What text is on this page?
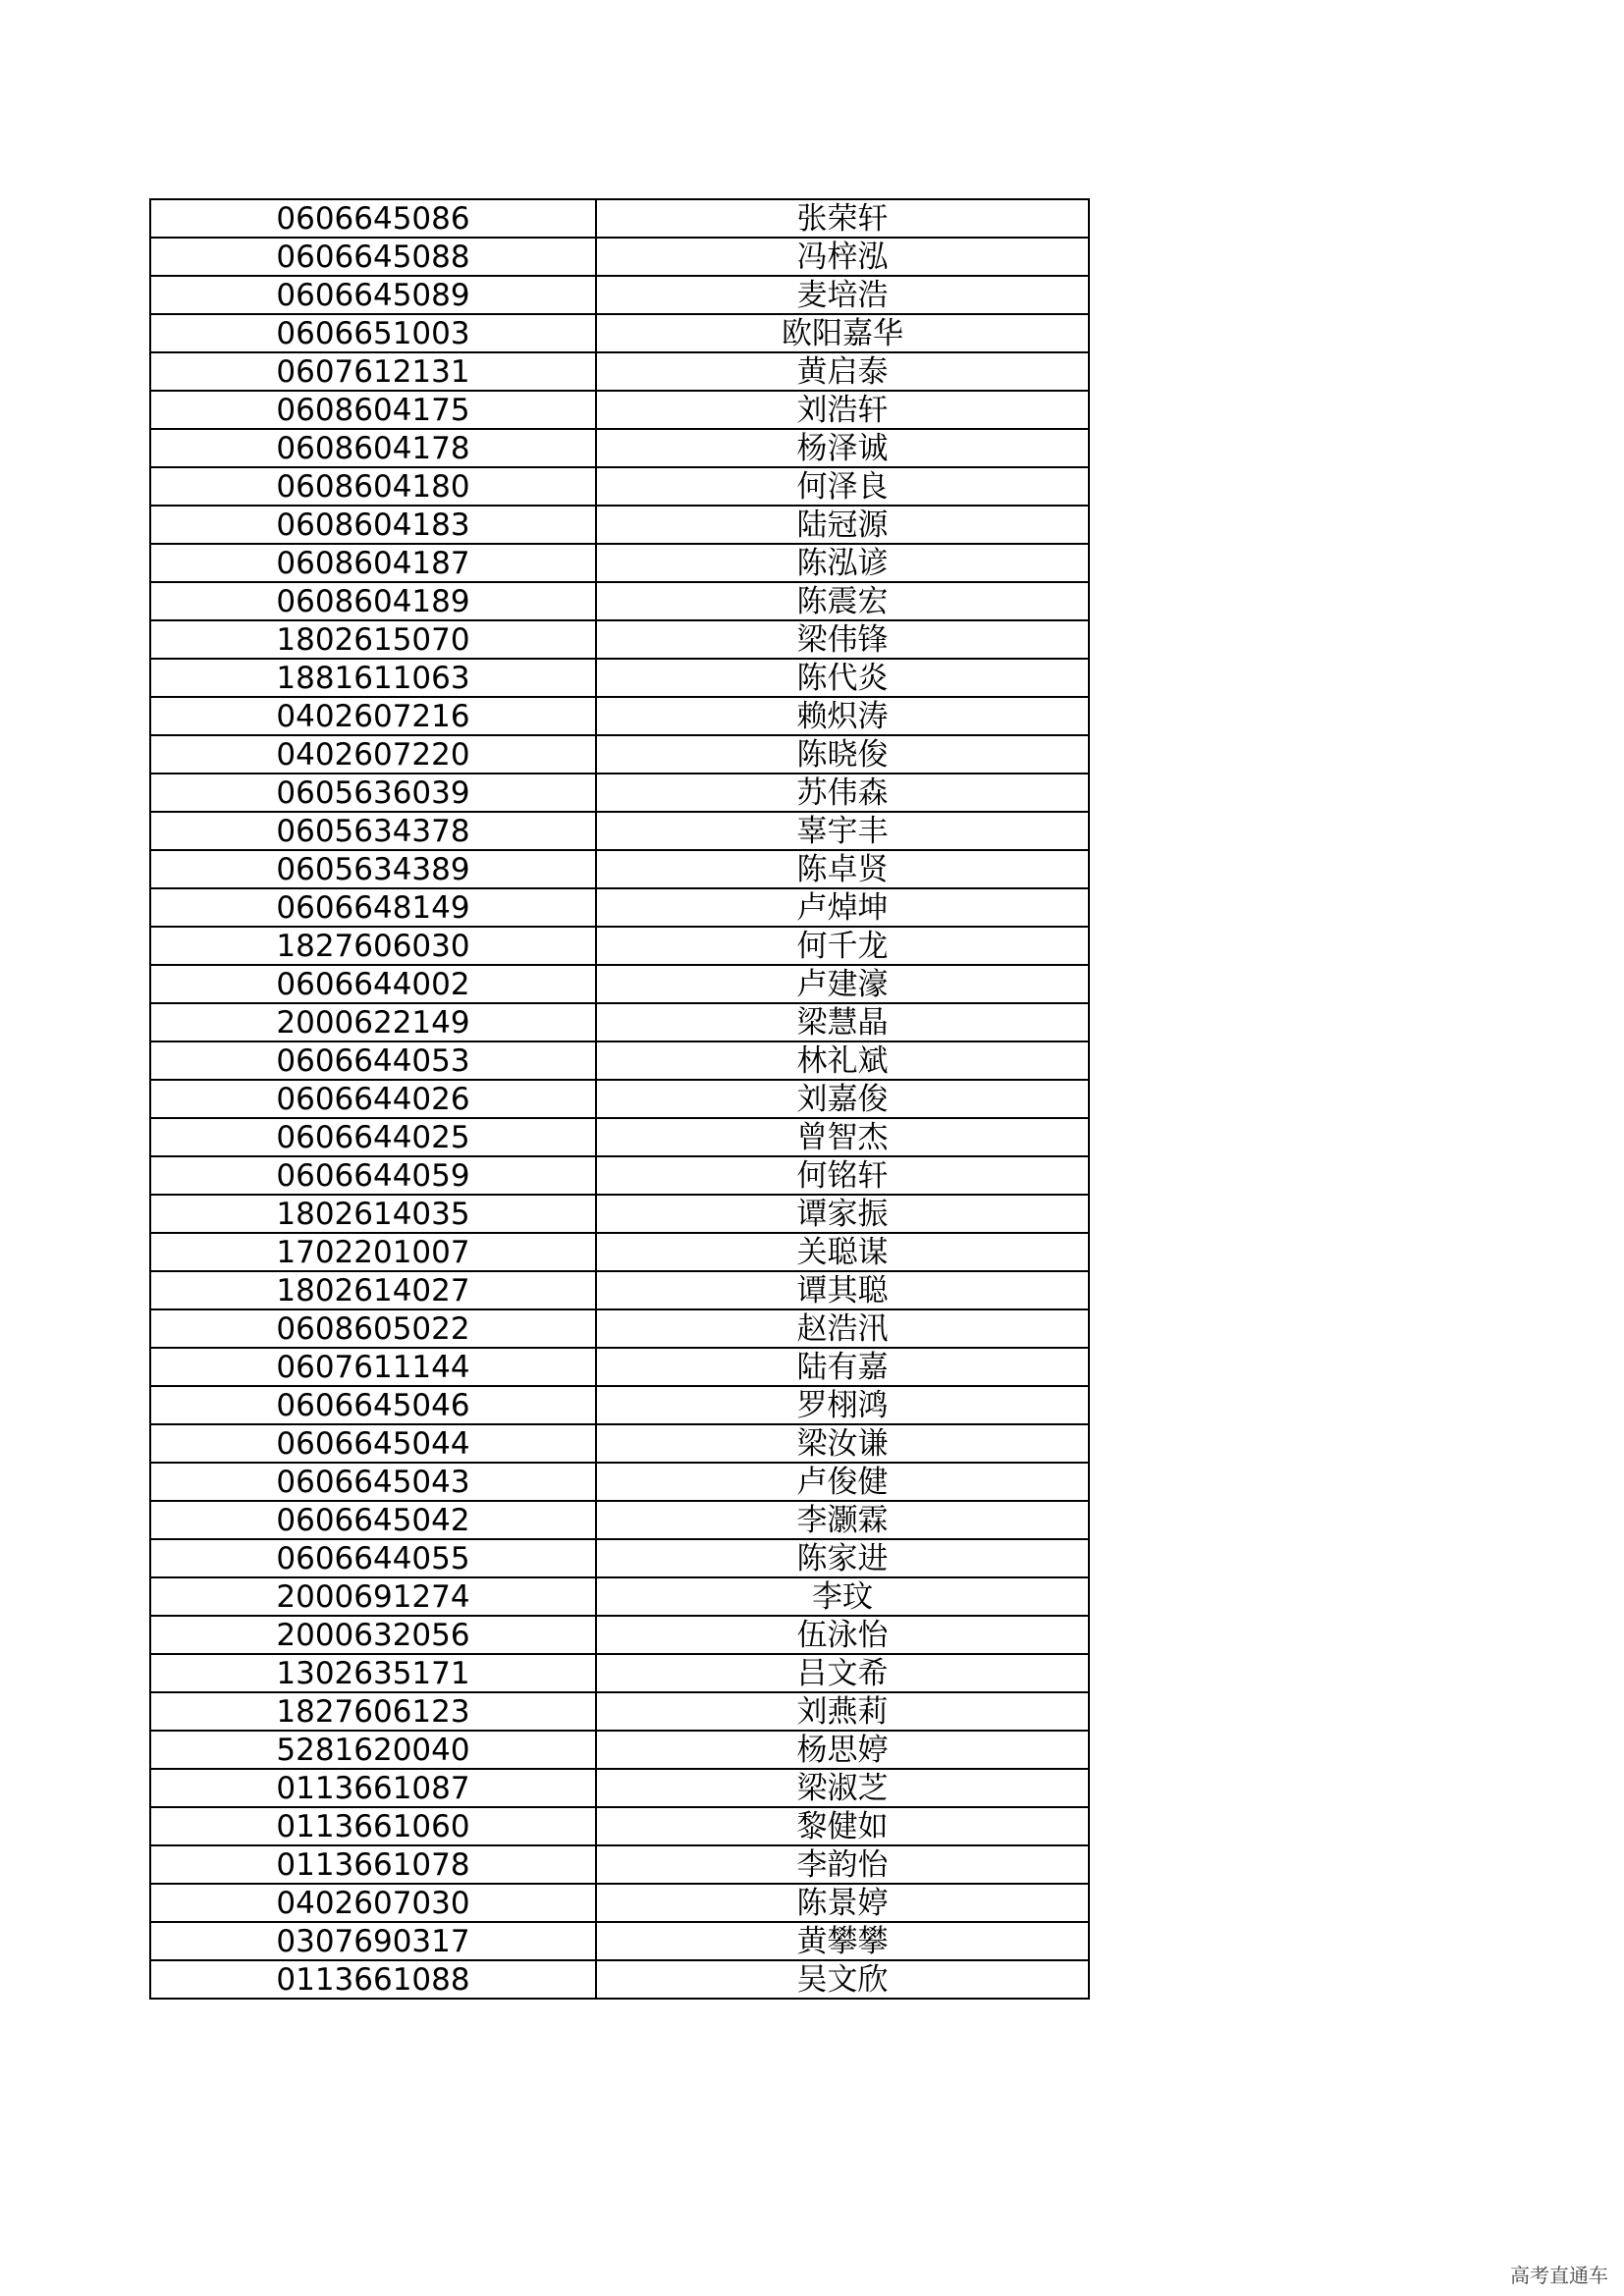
0606645086	张荣轩
0606645088	冯梓泓
0606645089	麦培浩
0606651003	欧阳嘉华
0607612131	黄启泰
0608604175	刘浩轩
0608604178	杨泽诚
0608604180	何泽良
0608604183	陆冠源
0608604187	陈泓谚
0608604189	陈震宏
1802615070	梁伟锋
1881611063	陈代炎
0402607216	赖炽涛
0402607220	陈晓俊
0605636039	苏伟森
0605634378	辜宇丰
0605634389	陈卓贤
0606648149	卢焯坤
1827606030	何千龙
0606644002	卢建濠
2000622149	梁慧晶
0606644053	林礼斌
0606644026	刘嘉俊
0606644025	曾智杰
0606644059	何铭轩
1802614035	谭家振
1702201007	关聪谋
1802614027	谭其聪
0608605022	赵浩汛
0607611144	陆有嘉
0606645046	罗栩鸿
0606645044	梁汝谦
0606645043	卢俊健
0606645042	李灏霖
0606644055	陈家进
2000691274	李玟
2000632056	伍泳怡
1302635171	吕文希
1827606123	刘燕莉
5281620040	杨思婷
0113661087	梁淑芝
0113661060	黎健如
0113661078	李韵怡
0402607030	陈景婷
0307690317	黄攀攀
0113661088	吴文欣
高考直通车
